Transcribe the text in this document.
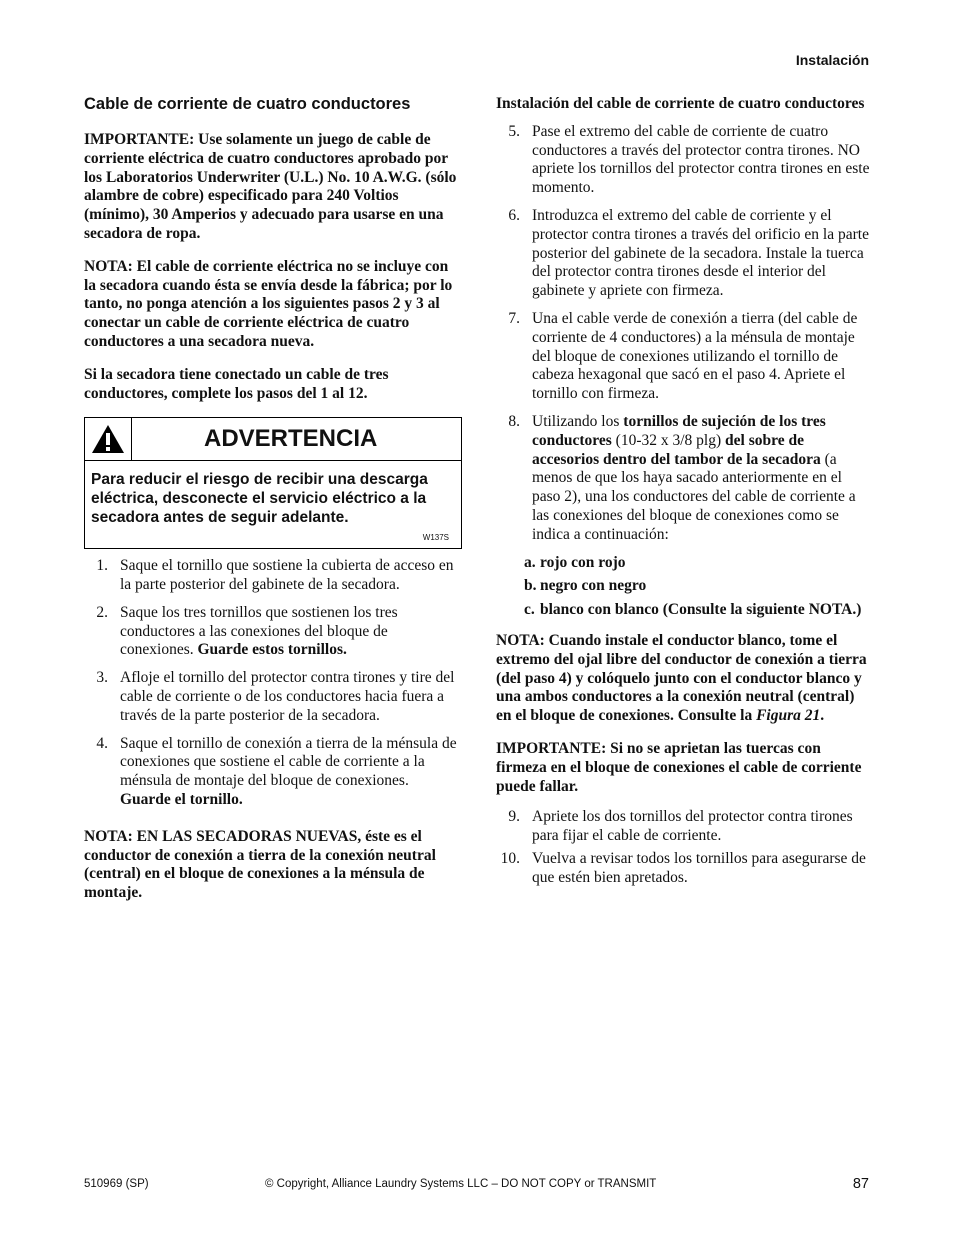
Instalación
Cable de corriente de cuatro conductores

IMPORTANTE: Use solamente un juego de cable de corriente eléctrica de cuatro conductores aprobado por los Laboratorios Underwriter (U.L.) No. 10 A.W.G. (sólo alambre de cobre) especificado para 240 Voltios (mínimo), 30 Amperios y adecuado para usarse en una secadora de ropa.

NOTA: El cable de corriente eléctrica no se incluye con la secadora cuando ésta se envía desde la fábrica; por lo tanto, no ponga atención a los siguientes pasos 2 y 3 al conectar un cable de corriente eléctrica de cuatro conductores a una secadora nueva.

Si la secadora tiene conectado un cable de tres conductores, complete los pasos del 1 al 12.

ADVERTENCIA

Para reducir el riesgo de recibir una descarga eléctrica, desconecte el servicio eléctrico a la secadora antes de seguir adelante.

W137S
1. Saque el tornillo que sostiene la cubierta de acceso en la parte posterior del gabinete de la secadora.
2. Saque los tres tornillos que sostienen los tres conductores a las conexiones del bloque de conexiones. Guarde estos tornillos.
3. Afloje el tornillo del protector contra tirones y tire del cable de corriente o de los conductores hacia fuera a través de la parte posterior de la secadora.
4. Saque el tornillo de conexión a tierra de la ménsula de conexiones que sostiene el cable de corriente a la ménsula de montaje del bloque de conexiones. Guarde el tornillo.

NOTA: EN LAS SECADORAS NUEVAS, éste es el conductor de conexión a tierra de la conexión neutral (central) en el bloque de conexiones a la ménsula de montaje.

Instalación del cable de corriente de cuatro conductores

5. Pase el extremo del cable de corriente de cuatro conductores a través del protector contra tirones. NO apriete los tornillos del protector contra tirones en este momento.
6. Introduzca el extremo del cable de corriente y el protector contra tirones a través del orificio en la parte posterior del gabinete de la secadora. Instale la tuerca del protector contra tirones desde el interior del gabinete y apriete con firmeza.
7. Una el cable verde de conexión a tierra (del cable de corriente de 4 conductores) a la ménsula de montaje del bloque de conexiones utilizando el tornillo de cabeza hexagonal que sacó en el paso 4. Apriete el tornillo con firmeza.
8. Utilizando los tornillos de sujeción de los tres conductores (10-32 x 3/8 plg) del sobre de accesorios dentro del tambor de la secadora (a menos de que los haya sacado anteriormente en el paso 2), una los conductores del cable de corriente a las conexiones del bloque de conexiones como se indica a continuación:
a. rojo con rojo
b. negro con negro
c. blanco con blanco (Consulte la siguiente NOTA.)

NOTA: Cuando instale el conductor blanco, tome el extremo del ojal libre del conductor de conexión a tierra (del paso 4) y colóquelo junto con el conductor blanco y una ambos conductores a la conexión neutral (central) en el bloque de conexiones. Consulte la Figura 21.

IMPORTANTE: Si no se aprietan las tuercas con firmeza en el bloque de conexiones el cable de corriente puede fallar.

9. Apriete los dos tornillos del protector contra tirones para fijar el cable de corriente.
10. Vuelva a revisar todos los tornillos para asegurarse de que estén bien apretados.
510969 (SP)	© Copyright, Alliance Laundry Systems LLC – DO NOT COPY or TRANSMIT	87
